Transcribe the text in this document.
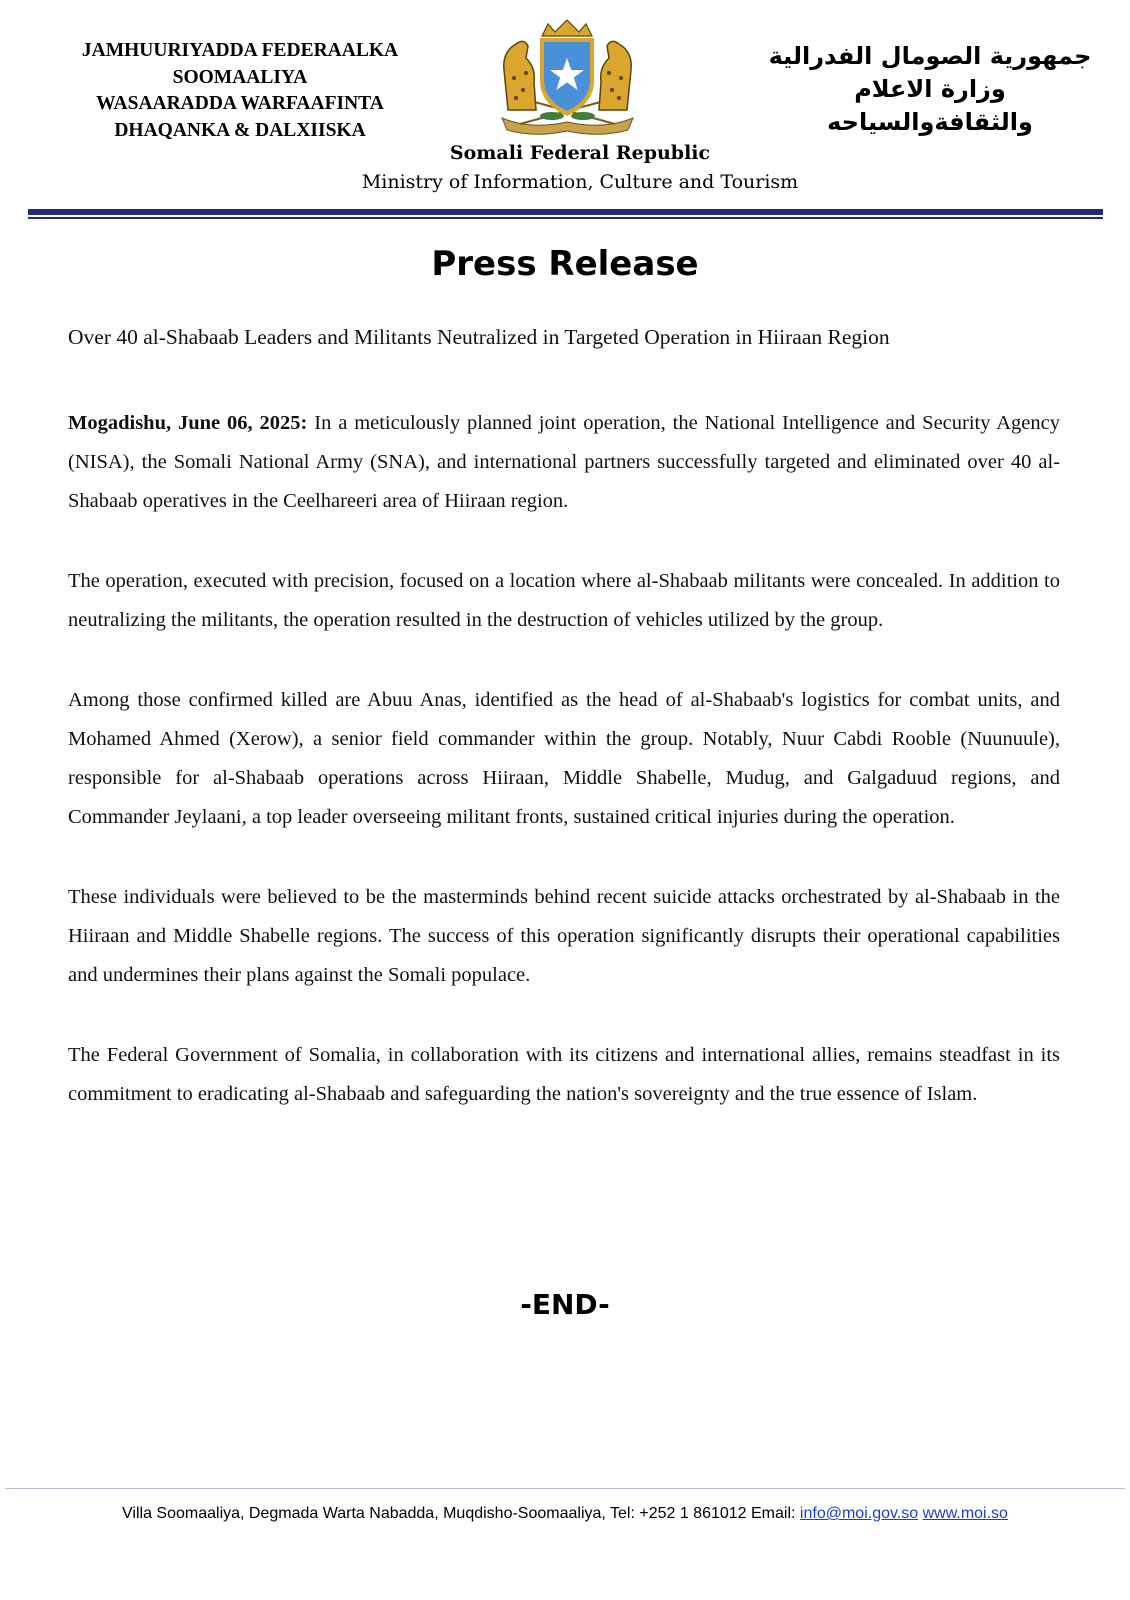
JAMHUURIYADDA FEDERAALKA
SOOMAALIYA
WASAARADDA WARFAAFINTA
DHAQANKA & DALXIISKA
جمهورية الصومال الفدرالية
وزارة الاعلام
والثقافةوالسياحه
Somali Federal Republic
Ministry of Information, Culture and Tourism
Press Release
Over 40 al-Shabaab Leaders and Militants Neutralized in Targeted Operation in Hiiraan Region

Mogadishu, June 06, 2025: In a meticulously planned joint operation, the National Intelligence and Security Agency (NISA), the Somali National Army (SNA), and international partners successfully targeted and eliminated over 40 al-Shabaab operatives in the Ceelhareeri area of Hiiraan region.

The operation, executed with precision, focused on a location where al-Shabaab militants were concealed. In addition to neutralizing the militants, the operation resulted in the destruction of vehicles utilized by the group.

Among those confirmed killed are Abuu Anas, identified as the head of al-Shabaab's logistics for combat units, and Mohamed Ahmed (Xerow), a senior field commander within the group. Notably, Nuur Cabdi Rooble (Nuunuule), responsible for al-Shabaab operations across Hiiraan, Middle Shabelle, Mudug, and Galgaduud regions, and Commander Jeylaani, a top leader overseeing militant fronts, sustained critical injuries during the operation.

These individuals were believed to be the masterminds behind recent suicide attacks orchestrated by al-Shabaab in the Hiiraan and Middle Shabelle regions. The success of this operation significantly disrupts their operational capabilities and undermines their plans against the Somali populace.

The Federal Government of Somalia, in collaboration with its citizens and international allies, remains steadfast in its commitment to eradicating al-Shabaab and safeguarding the nation's sovereignty and the true essence of Islam.

-END-
Villa Soomaaliya, Degmada Warta Nabadda, Muqdisho-Soomaaliya, Tel: +252 1 861012 Email: info@moi.gov.so www.moi.so
